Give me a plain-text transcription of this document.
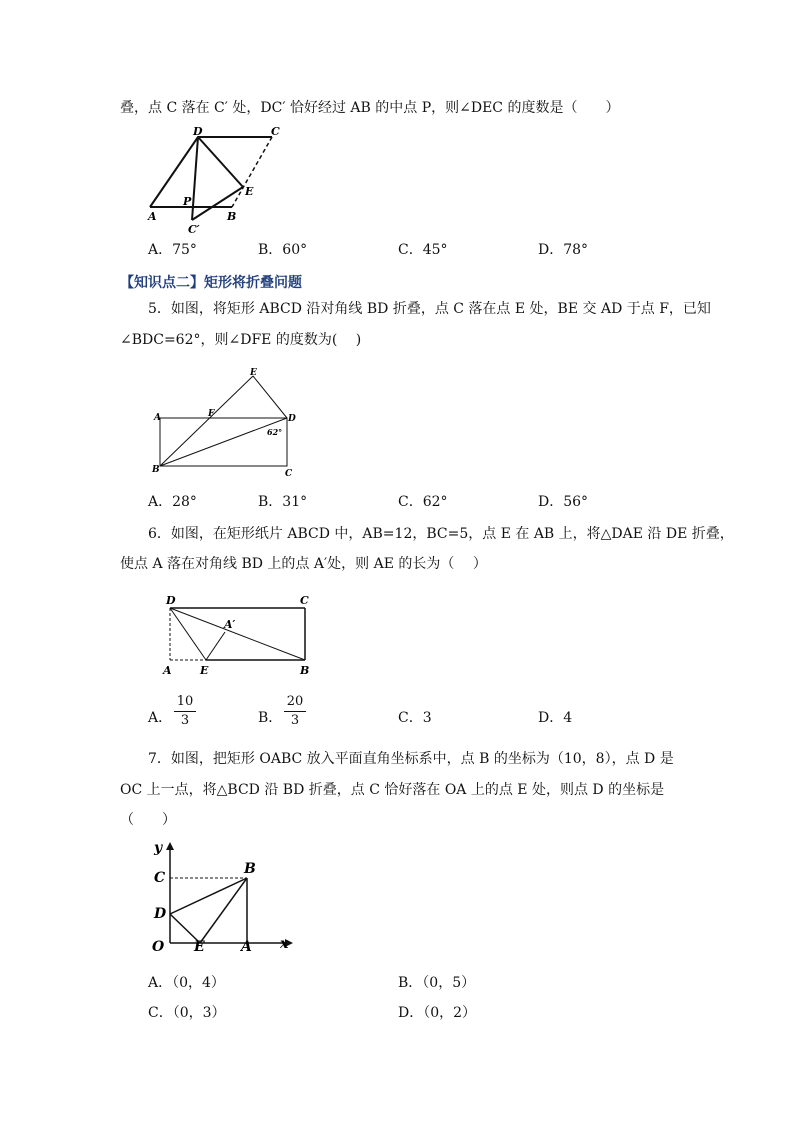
叠，点 C 落在 C′ 处，DC′ 恰好经过 AB 的中点 P，则∠DEC 的度数是（　　）
D	C
A	B
E
P
C′
A．75°	B．60°	C．45°	D．78°
【知识点二】矩形将折叠问题
5．如图，将矩形 ABCD 沿对角线 BD 折叠，点 C 落在点 E 处，BE 交 AD 于点 F，已知
∠BDC=62°，则∠DFE 的度数为(　 )
A	F	D
E
B	C
62°
A．28°	B．31°	C．62°	D．56°
6．如图，在矩形纸片 ABCD 中，AB=12，BC=5，点 E 在 AB 上，将△DAE 沿 DE 折叠，
使点 A 落在对角线 BD 上的点 A′处，则 AE 的长为（　 ）
D	C
A′
A	E	B
A．
10
3	B．
20
3	C．3	D．4
7．如图，把矩形 OABC 放入平面直角坐标系中，点 B 的坐标为（10，8），点 D 是
OC 上一点，将△BCD 沿 BD 折叠，点 C 恰好落在 OA 上的点 E 处，则点 D 的坐标是
（　　）
y
C
B
D
O E	A x
A．（0，4）	B．（0，5）
C．（0，3）	D．（0，2）
